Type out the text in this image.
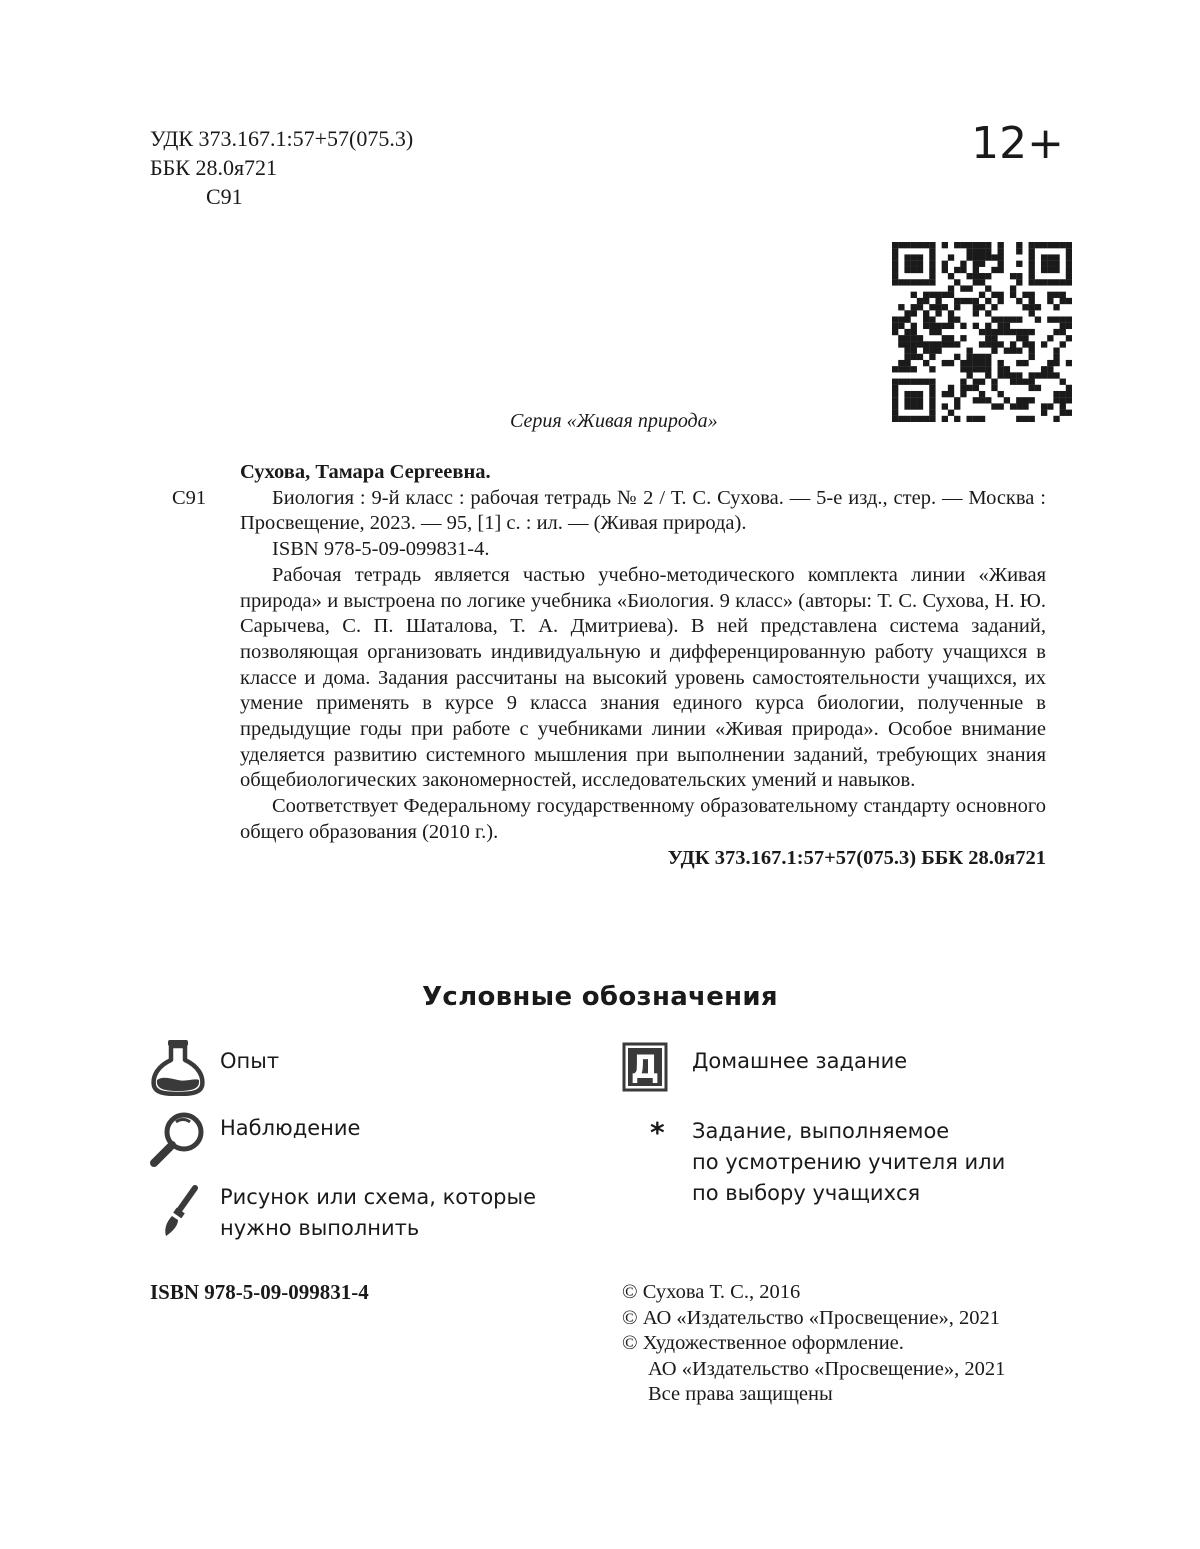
УДК 373.167.1:57+57(075.3)
ББК 28.0я721
С91
12+
Серия «Живая природа»
С91

Сухова, Тамара Сергеевна.

Биология : 9-й класс : рабочая тетрадь № 2 / Т. С. Сухова. — 5-е изд., стер. — Москва : Просвещение, 2023. — 95, [1] с. : ил. — (Живая природа).

ISBN 978-5-09-099831-4.

Рабочая тетрадь является частью учебно-методического комплекта линии «Живая природа» и выстроена по логике учебника «Биология. 9 класс» (авторы: Т. С. Сухова, Н. Ю. Сарычева, С. П. Шаталова, Т. А. Дмитриева). В ней представлена система заданий, позволяющая организовать индивидуальную и дифференцированную работу учащихся в классе и дома. Задания рассчитаны на высокий уровень самостоятельности учащихся, их умение применять в курсе 9 класса знания единого курса биологии, полученные в предыдущие годы при работе с учебниками линии «Живая природа». Особое внимание уделяется развитию системного мышления при выполнении заданий, требующих знания общебиологических закономерностей, исследовательских умений и навыков.

Соответствует Федеральному государственному образовательному стандарту основного общего образования (2010 г.).

УДК 373.167.1:57+57(075.3) ББК 28.0я721
Условные обозначения
Опыт
Наблюдение
Рисунок или схема, которые
нужно выполнить
Д	Домашнее задание
* Задание, выполняемое
по усмотрению учителя или
по выбору учащихся
ISBN 978-5-09-099831-4	© Сухова Т. С., 2016
© АО «Издательство «Просвещение», 2021
© Художественное оформление.
АО «Издательство «Просвещение», 2021
Все права защищены
